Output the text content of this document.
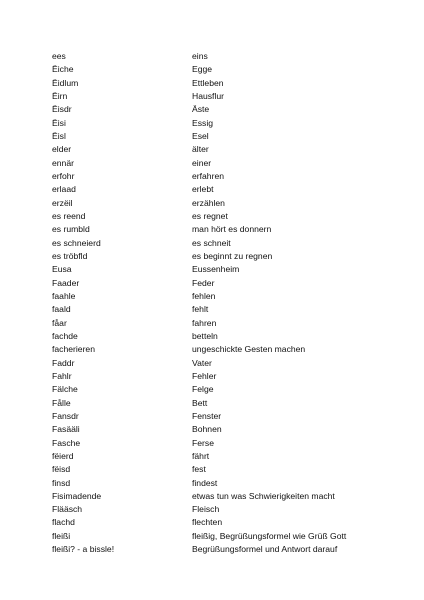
ees	eins
Ëiche	Egge
Ëidlum	Ettleben
Ëirn	Hausflur
Ëisdr	Äste
Ëisi	Essig
Ëisl	Esel
elder	älter
ennär	einer
erfohr	erfahren
erlaad	erlebt
erzëil	erzählen
es reend	es regnet
es rumbld	man hört es donnern
es schneierd	es schneit
es tröbfld	es beginnt zu regnen
Eusa	Eussenheim
Faader	Feder
faahle	fehlen
faald	fehlt
fåar	fahren
fachde	betteln
facherieren	ungeschickte Gesten machen
Faddr	Vater
Fahlr	Fehler
Fälche	Felge
Fålle	Bett
Fansdr	Fenster
Fasääli	Bohnen
Fasche	Ferse
fëierd	fährt
fëisd	fest
finsd	findest
Fisimadende	etwas tun was Schwierigkeiten macht
Flääsch	Fleisch
flachd	flechten
fleißi	fleißig, Begrüßungsformel wie Grüß Gott
fleißi? - a bissle!	Begrüßungsformel und Antwort darauf
